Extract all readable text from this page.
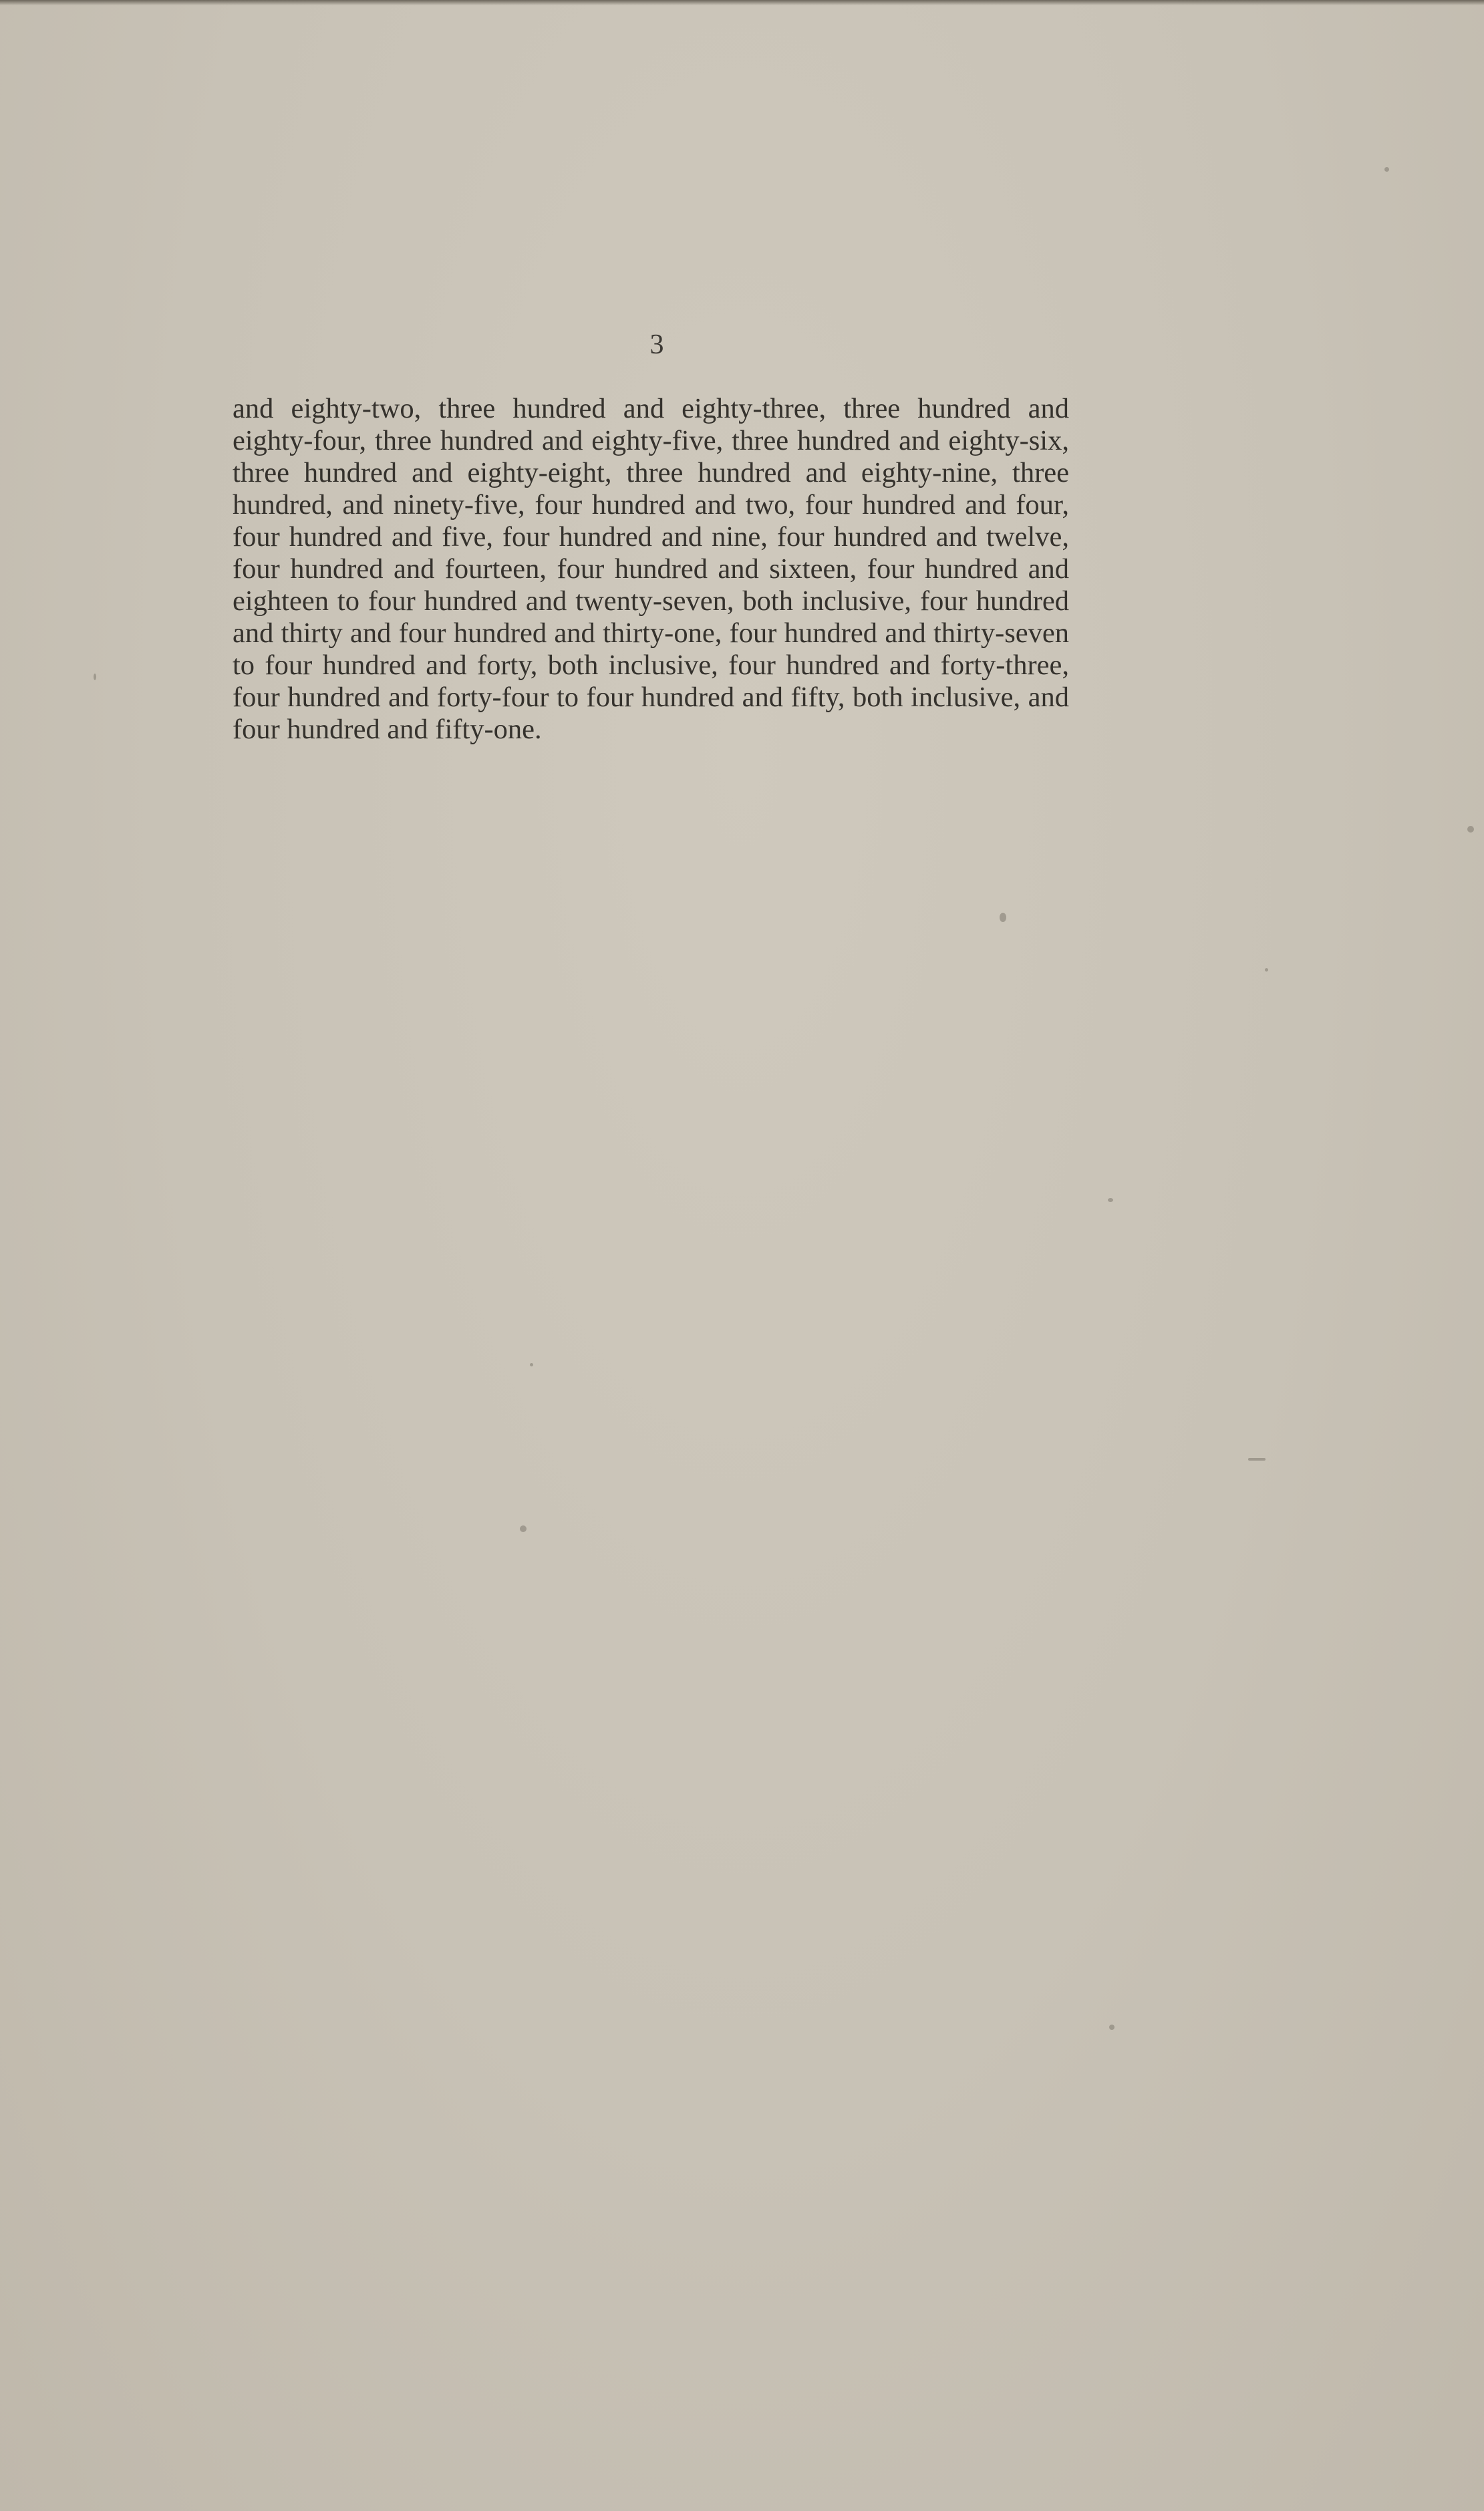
3

and eighty-two, three hundred and eighty-three, three hundred and eighty-four, three hundred and eighty-five, three hundred and eighty-six, three hundred and eighty-eight, three hundred and eighty-nine, three hundred, and ninety-five, four hundred and two, four hundred and four, four hundred and five, four hundred and nine, four hundred and twelve, four hundred and fourteen, four hundred and sixteen, four hundred and eighteen to four hundred and twenty-seven, both inclusive, four hundred and thirty and four hundred and thirty-one, four hundred and thirty-seven to four hundred and forty, both inclusive, four hundred and forty-three, four hundred and forty-four to four hundred and fifty, both inclusive, and four hundred and fifty-one.
